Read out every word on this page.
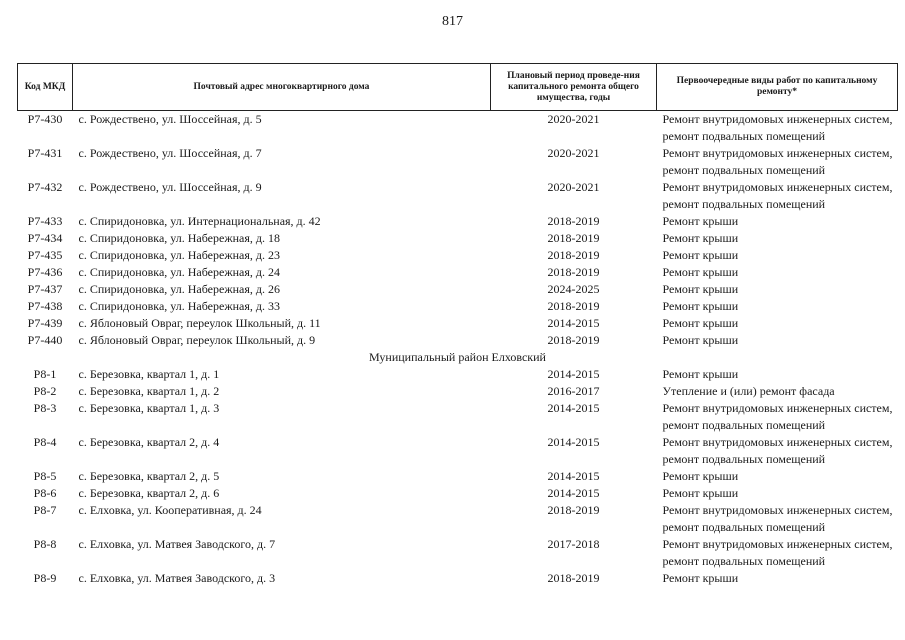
817
Код МКД	Почтовый адрес многоквартирного дома	Плановый период проведе-ния капитального ремонта общего имущества, годы	Первоочередные виды работ по капитальному ремонту*
Р7-430	с. Рождествено, ул. Шоссейная, д. 5	2020-2021	Ремонт внутридомовых инженерных систем,
ремонт подвальных помещений

Р7-431	с. Рождествено, ул. Шоссейная, д. 7	2020-2021	Ремонт внутридомовых инженерных систем,
ремонт подвальных помещений

Р7-432	с. Рождествено, ул. Шоссейная, д. 9	2020-2021	Ремонт внутридомовых инженерных систем,
ремонт подвальных помещений

Р7-433	с. Спиридоновка, ул. Интернациональная, д. 42	2018-2019	Ремонт крыши

Р7-434	с. Спиридоновка, ул. Набережная, д. 18	2018-2019	Ремонт крыши

Р7-435	с. Спиридоновка, ул. Набережная, д. 23	2018-2019	Ремонт крыши

Р7-436	с. Спиридоновка, ул. Набережная, д. 24	2018-2019	Ремонт крыши

Р7-437	с. Спиридоновка, ул. Набережная, д. 26	2024-2025	Ремонт крыши

Р7-438	с. Спиридоновка, ул. Набережная, д. 33	2018-2019	Ремонт крыши

Р7-439	с. Яблоновый Овраг, переулок Школьный, д. 11	2014-2015	Ремонт крыши

Р7-440	с. Яблоновый Овраг, переулок Школьный, д. 9	2018-2019	Ремонт крыши

Муниципальный район Елховский			
Р8-1	с. Березовка, квартал 1, д. 1	2014-2015	Ремонт крыши

Р8-2	с. Березовка, квартал 1, д. 2	2016-2017	Утепление и (или) ремонт фасада

Р8-3	с. Березовка, квартал 1, д. 3	2014-2015	Ремонт внутридомовых инженерных систем,
ремонт подвальных помещений

Р8-4	с. Березовка, квартал 2, д. 4	2014-2015	Ремонт внутридомовых инженерных систем,
ремонт подвальных помещений

Р8-5	с. Березовка, квартал 2, д. 5	2014-2015	Ремонт крыши

Р8-6	с. Березовка, квартал 2, д. 6	2014-2015	Ремонт крыши

Р8-7	с. Елховка, ул. Кооперативная, д. 24	2018-2019	Ремонт внутридомовых инженерных систем,
ремонт подвальных помещений

Р8-8	с. Елховка, ул. Матвея Заводского, д. 7	2017-2018	Ремонт внутридомовых инженерных систем,
ремонт подвальных помещений

Р8-9	с. Елховка, ул. Матвея Заводского, д. 3	2018-2019	Ремонт крыши
